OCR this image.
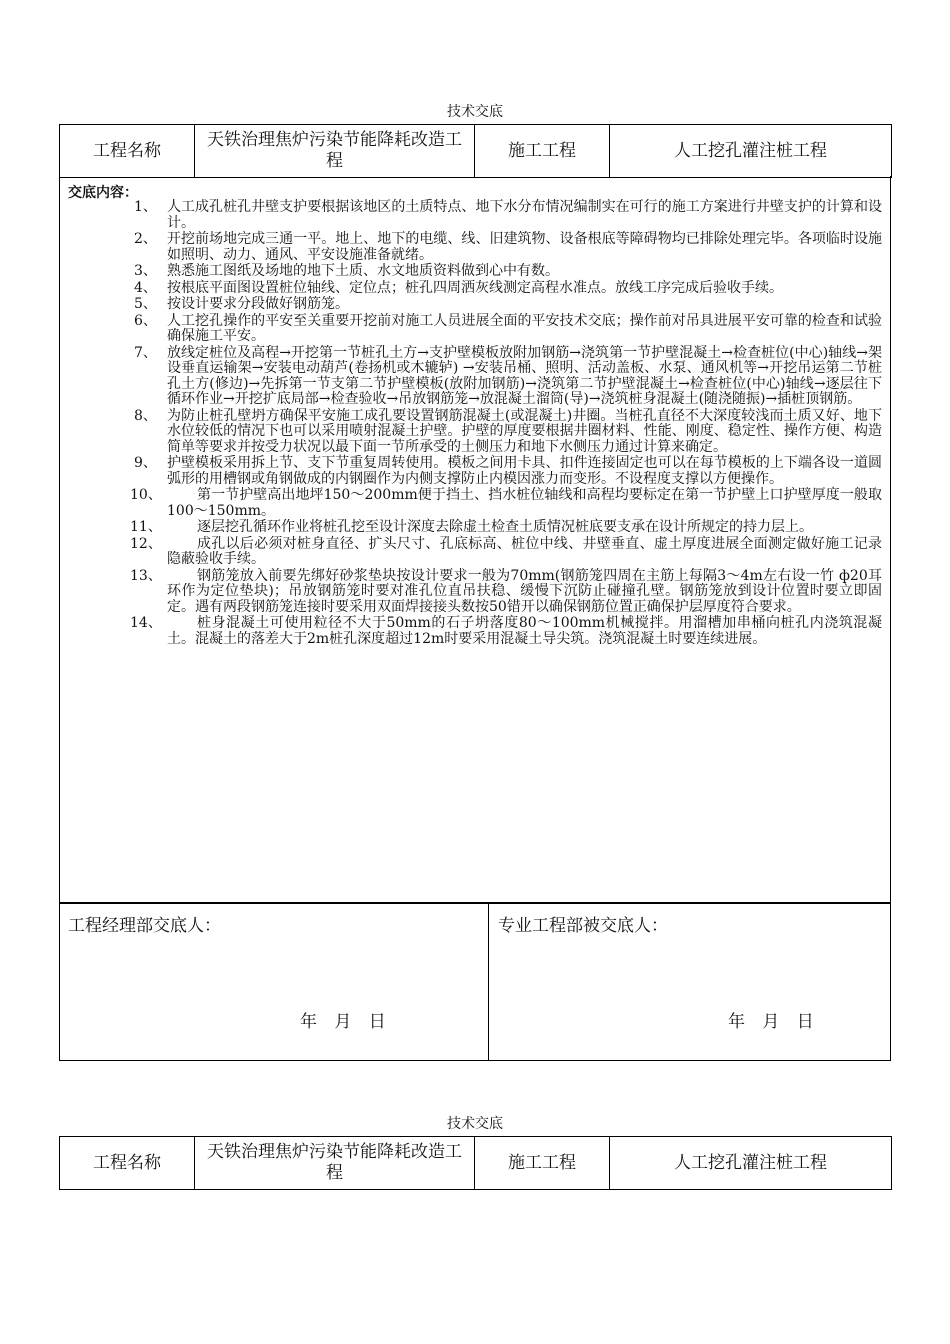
技术交底
工程名称	天铁治理焦炉污染节能降耗改造工程	施工工程	人工挖孔灌注桩工程
交底内容：
1、 人工成孔桩孔井壁支护要根据该地区的土质特点、地下水分布情况编制实在可行的施工方案进行井壁支护的计算和设计。
2、 开挖前场地完成三通一平。地上、地下的电缆、线、旧建筑物、设备根底等障碍物均已排除处理完毕。各项临时设施如照明、动力、通风、平安设施准备就绪。
3、 熟悉施工图纸及场地的地下土质、水文地质资料做到心中有数。
4、 按根底平面图设置桩位轴线、定位点；桩孔四周洒灰线测定高程水准点。放线工序完成后验收手续。
5、 按设计要求分段做好钢筋笼。
6、 人工挖孔操作的平安至关重要开挖前对施工人员进展全面的平安技术交底；操作前对吊具进展平安可靠的检查和试验确保施工平安。
7、 放线定桩位及高程→开挖第一节桩孔土方→支护壁模板放附加钢筋→浇筑第一节护壁混凝土→检查桩位(中心)轴线→架设垂直运输架→安装电动葫芦(卷扬机或木辘轳) →安装吊桶、照明、活动盖板、水泵、通风机等→开挖吊运第二节桩孔土方(修边)→先拆第一节支第二节护壁模板(放附加钢筋)→浇筑第二节护壁混凝土→检查桩位(中心)轴线→逐层往下循环作业→开挖扩底局部→检查验收→吊放钢筋笼→放混凝土溜筒(导)→浇筑桩身混凝土(随浇随振)→插桩顶钢筋。
8、 为防止桩孔壁坍方确保平安施工成孔要设置钢筋混凝土(或混凝土)井圈。当桩孔直径不大深度较浅而土质又好、地下水位较低的情况下也可以采用喷射混凝土护壁。护壁的厚度要根据井圈材料、性能、刚度、稳定性、操作方便、构造简单等要求并按受力状况以最下面一节所承受的土侧压力和地下水侧压力通过计算来确定。
9、 护壁模板采用拆上节、支下节重复周转使用。模板之间用卡具、扣件连接固定也可以在每节模板的上下端各设一道圆弧形的用槽钢或角钢做成的内钢圈作为内侧支撑防止内模因涨力而变形。不设程度支撑以方便操作。
10、	第一节护壁高出地坪150～200mm便于挡土、挡水桩位轴线和高程均要标定在第一节护壁上口护壁厚度一般取100～150mm。
11、	逐层挖孔循环作业将桩孔挖至设计深度去除虚土检查土质情况桩底要支承在设计所规定的持力层上。
12、	成孔以后必须对桩身直径、扩头尺寸、孔底标高、桩位中线、井壁垂直、虚土厚度进展全面测定做好施工记录隐蔽验收手续。
13、	钢筋笼放入前要先绑好砂浆垫块按设计要求一般为70mm(钢筋笼四周在主筋上每隔3～4m左右设一竹 ф20耳环作为定位垫块)；吊放钢筋笼时要对准孔位直吊扶稳、缓慢下沉防止碰撞孔壁。钢筋笼放到设计位置时要立即固定。遇有两段钢筋笼连接时要采用双面焊接接头数按50错开以确保钢筋位置正确保护层厚度符合要求。
14、	桩身混凝土可使用粒径不大于50mm的石子坍落度80～100mm机械搅拌。用溜槽加串桶向桩孔内浇筑混凝土。混凝土的落差大于2m桩孔深度超过12m时要采用混凝土导尖筑。浇筑混凝土时要连续进展。
工程经理部交底人：
年 月 日
专业工程部被交底人：
年 月 日
技术交底
工程名称	天铁治理焦炉污染节能降耗改造工程	施工工程	人工挖孔灌注桩工程
